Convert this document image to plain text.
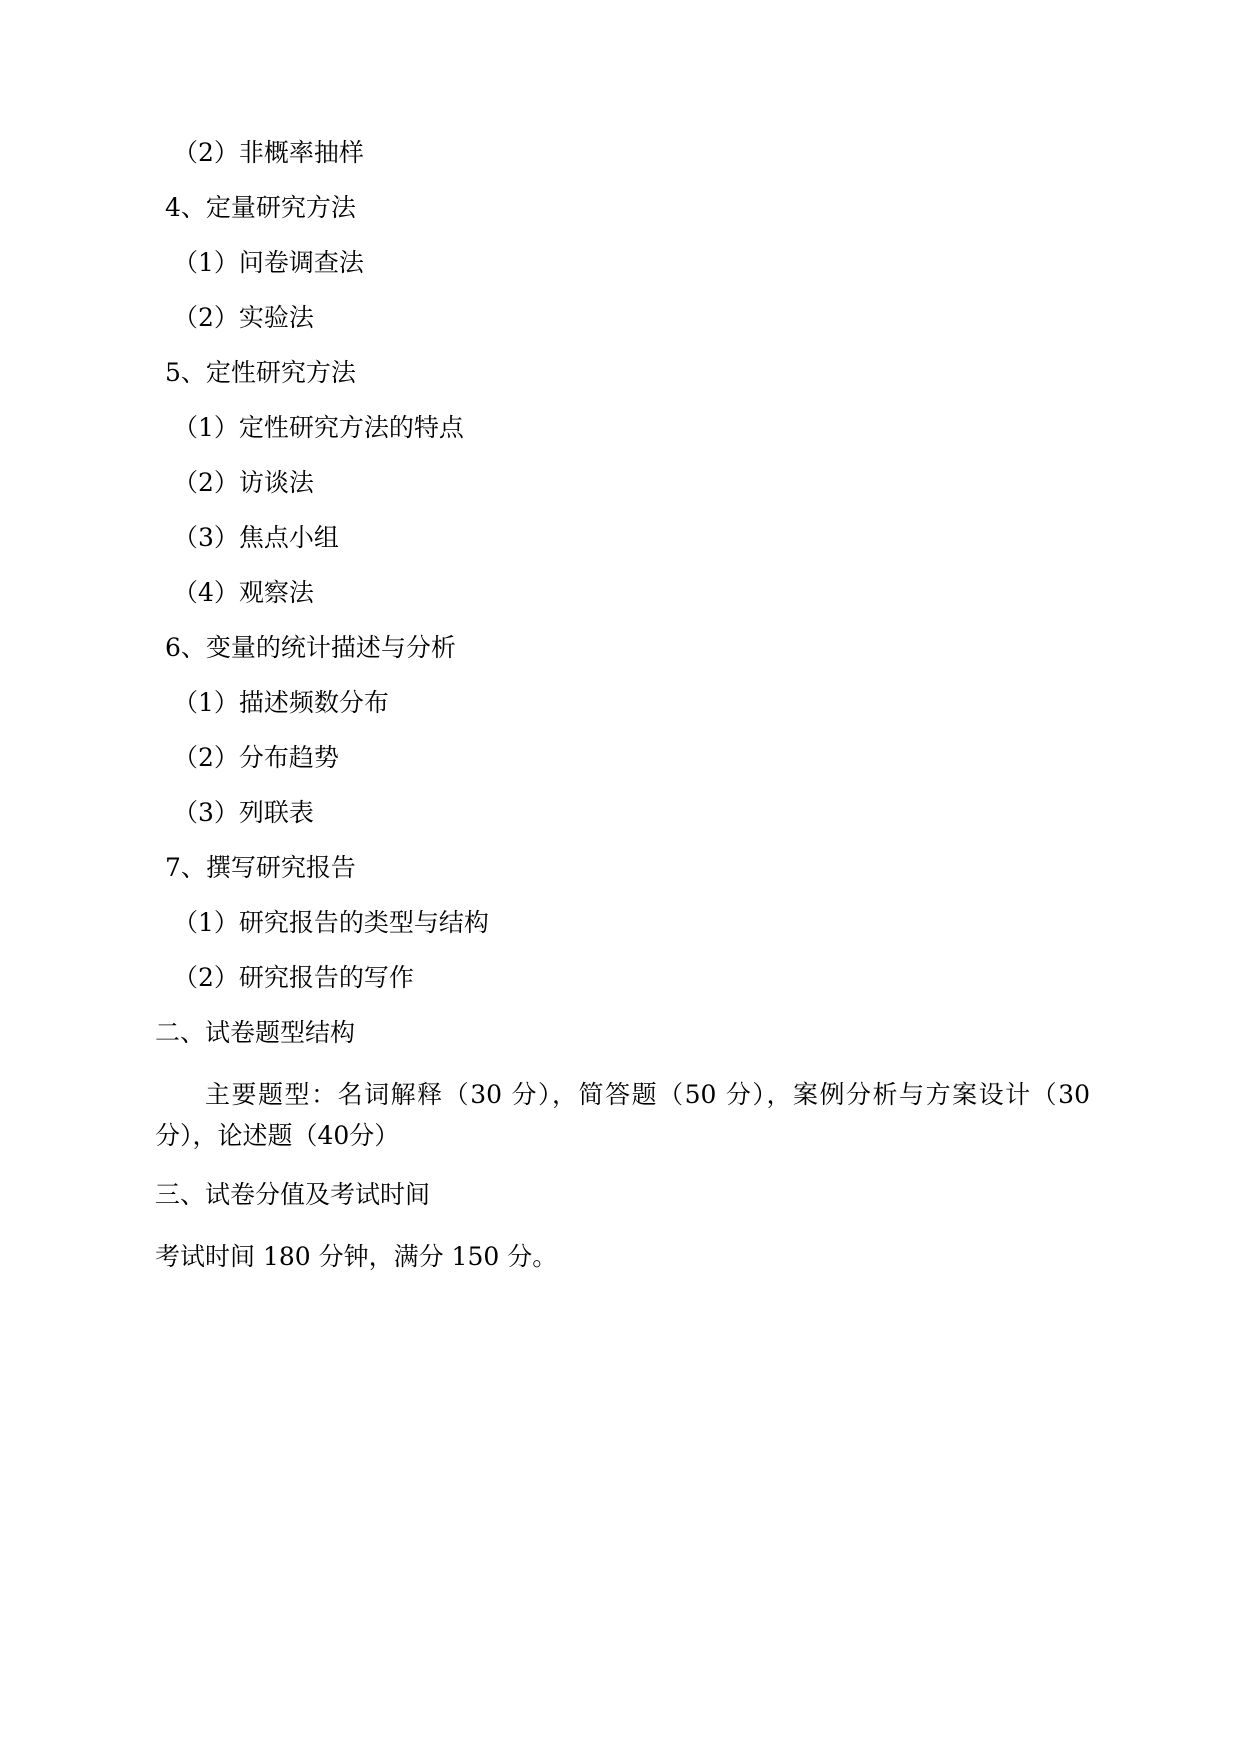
（2）非概率抽样
4、定量研究方法
（1）问卷调查法
（2）实验法
5、定性研究方法
（1）定性研究方法的特点
（2）访谈法
（3）焦点小组
（4）观察法
6、变量的统计描述与分析
（1）描述频数分布
（2）分布趋势
（3）列联表
7、撰写研究报告
（1）研究报告的类型与结构
（2）研究报告的写作
二、试卷题型结构
主要题型：名词解释（30 分），简答题（50 分），案例分析与方案设计（30 分），论述题（40分）
三、试卷分值及考试时间
考试时间 180 分钟，满分 150 分。
